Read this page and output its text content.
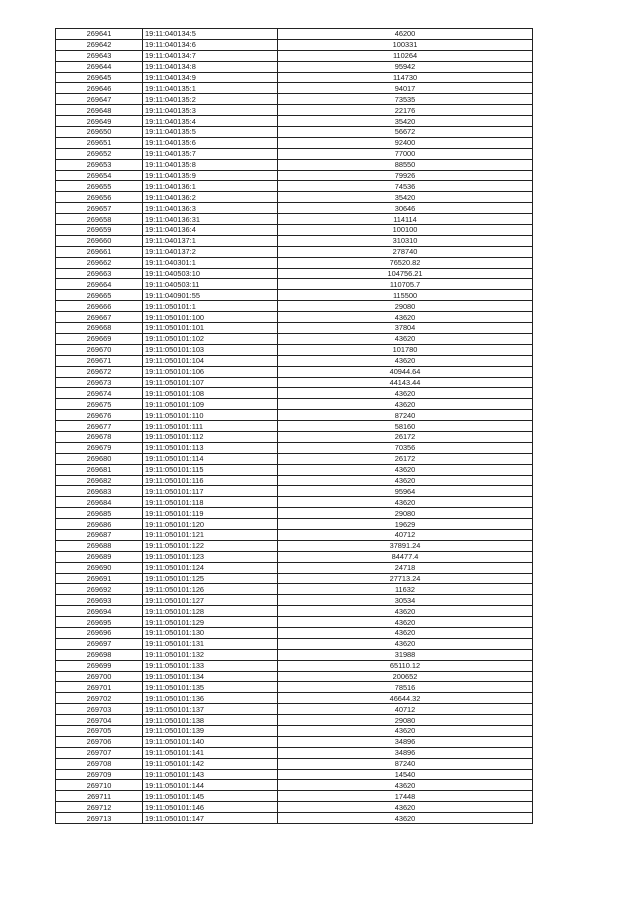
269641	19:11:040134:5	46200
269642	19:11:040134:6	100331
269643	19:11:040134:7	110264
269644	19:11:040134:8	95942
269645	19:11:040134:9	114730
269646	19:11:040135:1	94017
269647	19:11:040135:2	73535
269648	19:11:040135:3	22176
269649	19:11:040135:4	35420
269650	19:11:040135:5	56672
269651	19:11:040135:6	92400
269652	19:11:040135:7	77000
269653	19:11:040135:8	88550
269654	19:11:040135:9	79926
269655	19:11:040136:1	74536
269656	19:11:040136:2	35420
269657	19:11:040136:3	30646
269658	19:11:040136:31	114114
269659	19:11:040136:4	100100
269660	19:11:040137:1	310310
269661	19:11:040137:2	278740
269662	19:11:040301:1	76520.82
269663	19:11:040503:10	104756.21
269664	19:11:040503:11	110705.7
269665	19:11:040901:55	115500
269666	19:11:050101:1	29080
269667	19:11:050101:100	43620
269668	19:11:050101:101	37804
269669	19:11:050101:102	43620
269670	19:11:050101:103	101780
269671	19:11:050101:104	43620
269672	19:11:050101:106	40944.64
269673	19:11:050101:107	44143.44
269674	19:11:050101:108	43620
269675	19:11:050101:109	43620
269676	19:11:050101:110	87240
269677	19:11:050101:111	58160
269678	19:11:050101:112	26172
269679	19:11:050101:113	70356
269680	19:11:050101:114	26172
269681	19:11:050101:115	43620
269682	19:11:050101:116	43620
269683	19:11:050101:117	95964
269684	19:11:050101:118	43620
269685	19:11:050101:119	29080
269686	19:11:050101:120	19629
269687	19:11:050101:121	40712
269688	19:11:050101:122	37891.24
269689	19:11:050101:123	84477.4
269690	19:11:050101:124	24718
269691	19:11:050101:125	27713.24
269692	19:11:050101:126	11632
269693	19:11:050101:127	30534
269694	19:11:050101:128	43620
269695	19:11:050101:129	43620
269696	19:11:050101:130	43620
269697	19:11:050101:131	43620
269698	19:11:050101:132	31988
269699	19:11:050101:133	65110.12
269700	19:11:050101:134	200652
269701	19:11:050101:135	78516
269702	19:11:050101:136	46644.32
269703	19:11:050101:137	40712
269704	19:11:050101:138	29080
269705	19:11:050101:139	43620
269706	19:11:050101:140	34896
269707	19:11:050101:141	34896
269708	19:11:050101:142	87240
269709	19:11:050101:143	14540
269710	19:11:050101:144	43620
269711	19:11:050101:145	17448
269712	19:11:050101:146	43620
269713	19:11:050101:147	43620
